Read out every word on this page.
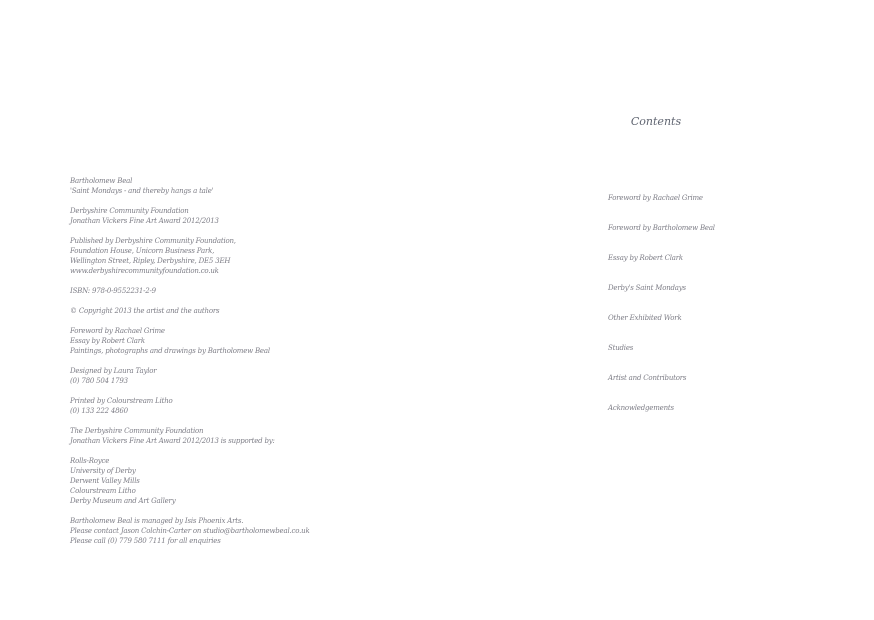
Bartholomew Beal
'Saint Mondays - and thereby hangs a tale'
Derbyshire Community Foundation
Jonathan Vickers Fine Art Award 2012/2013
Published by Derbyshire Community Foundation,
Foundation House, Unicorn Business Park,
Wellington Street, Ripley, Derbyshire, DE5 3EH
www.derbyshirecommunityfoundation.co.uk
ISBN: 978-0-9552231-2-9
© Copyright 2013 the artist and the authors
Foreword by Rachael Grime
Essay by Robert Clark
Paintings, photographs and drawings by Bartholomew Beal
Designed by Laura Taylor
(0) 780 504 1793
Printed by Colourstream Litho
(0) 133 222 4860
The Derbyshire Community Foundation
Jonathan Vickers Fine Art Award 2012/2013 is supported by:
Rolls-Royce
University of Derby
Derwent Valley Mills
Colourstream Litho
Derby Museum and Art Gallery
Bartholomew Beal is managed by Isis Phoenix Arts.
Please contact Jason Colchin-Carter on studio@bartholomewbeal.co.uk
Please call (0) 779 580 7111 for all enquiries
Contents
Foreword by Rachael Grime
Foreword by Bartholomew Beal
Essay by Robert Clark
Derby's Saint Mondays
Other Exhibited Work
Studies
Artist and Contributors
Acknowledgements
